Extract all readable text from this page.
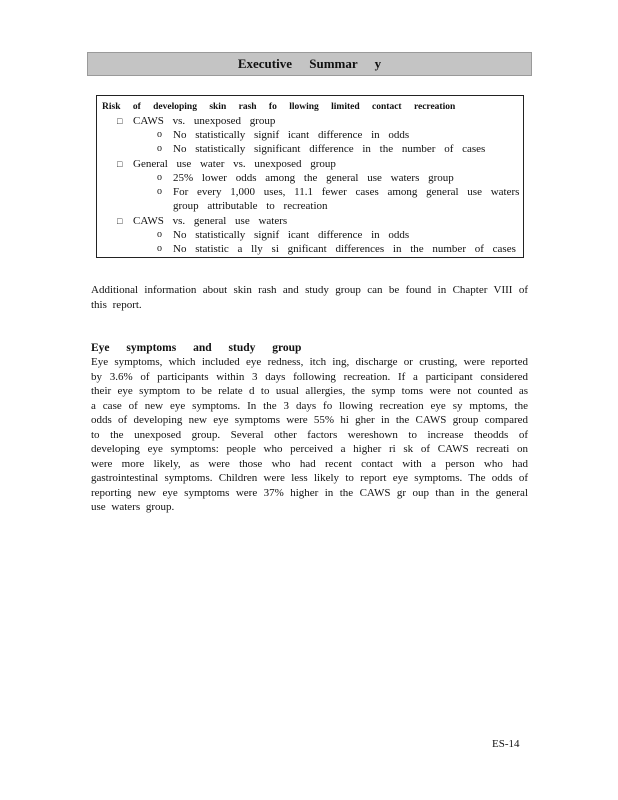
Executive Summar y
Risk of developing skin rash fo llowing limited contact recreation
□ CAWS vs. unexposed group
o No statistically signif icant difference in odds
o No statistically significant difference in the number of cases
□ General use water vs. unexposed group
o 25% lower odds among the general use waters group
o For every 1,000 uses, 11.1 fewer cases among general use waters
group attributable to recreation
□ CAWS vs. general use waters
o No statistically signif icant difference in odds
o No statistic a lly si gnificant differences in the number of cases
Additional information about skin rash and study group can be found in Chapter VIII of this report.
Eye symptoms and study group
Eye symptoms, which included eye redness, itch ing, discharge or crusting, were reported by 3.6% of participants within 3 days following recreation. If a participant considered their eye symptom to be relate d to usual allergies, the symp toms were not counted as a case of new eye symptoms. In the 3 days fo llowing recreation eye sy mptoms, the odds of developing new eye symptoms were 55% hi gher in the CAWS group compared to the unexposed group. Several other factors wereshown to increase theodds of developing eye symptoms: people who perceived a higher ri sk of CAWS recreati on were more likely, as were those who had recent contact with a person who had gastrointestinal symptoms. Children were less likely to report eye symptoms. The odds of reporting new eye symptoms were 37% higher in the CAWS gr oup than in the general use waters group.
ES-14
